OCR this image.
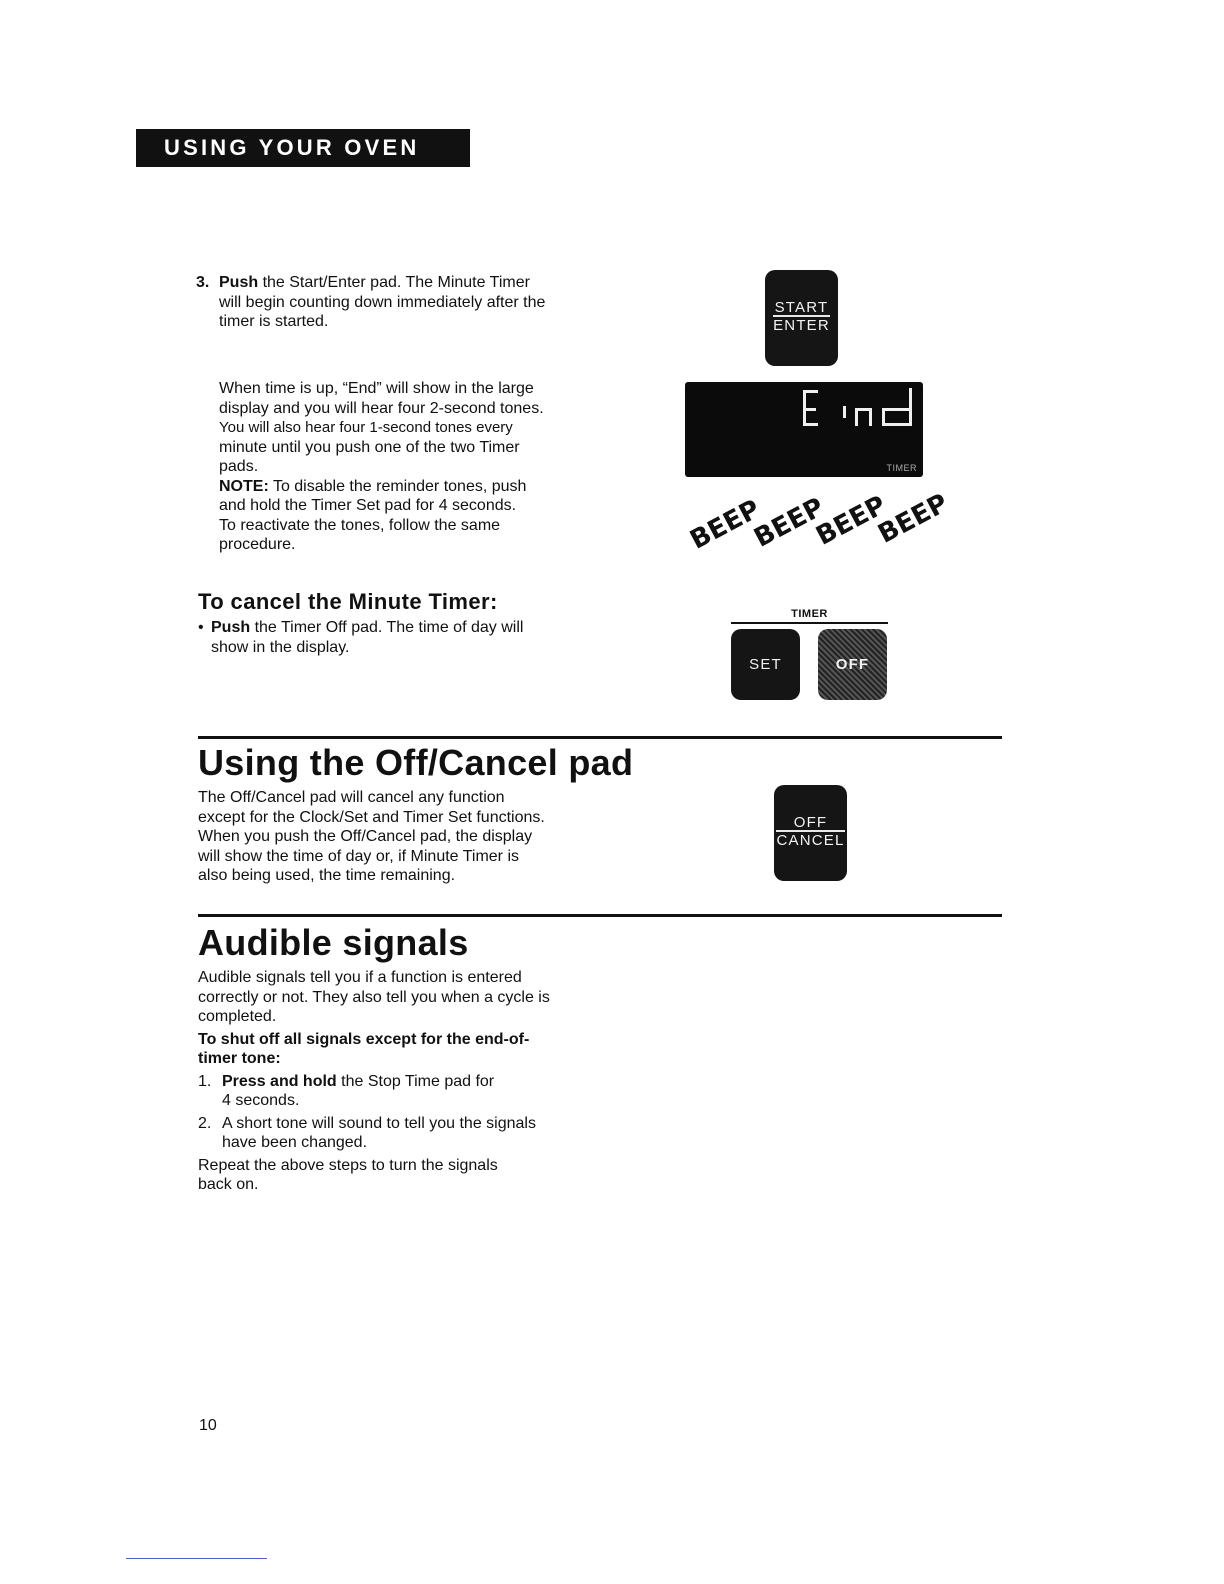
USING YOUR OVEN
3. Push the Start/Enter pad. The Minute Timer
will begin counting down immediately after the
timer is started.
When time is up, “End” will show in the large
display and you will hear four 2-second tones.
You will also hear four 1-second tones every
minute until you push one of the two Timer
pads.
NOTE: To disable the reminder tones, push
and hold the Timer Set pad for 4 seconds.
To reactivate the tones, follow the same
procedure.
To cancel the Minute Timer:
• Push the Timer Off pad. The time of day will
show in the display.
Using the Off/Cancel pad
The Off/Cancel pad will cancel any function
except for the Clock/Set and Timer Set functions.
When you push the Off/Cancel pad, the display
will show the time of day or, if Minute Timer is
also being used, the time remaining.
Audible signals
Audible signals tell you if a function is entered
correctly or not. They also tell you when a cycle is
completed.
To shut off all signals except for the end-of-
timer tone:
1. Press and hold the Stop Time pad for
4 seconds.
2. A short tone will sound to tell you the signals
have been changed.
Repeat the above steps to turn the signals
back on.
START
ENTER
TIMER
BEEP
BEEP
BEEP
BEEP
TIMER
SET	OFF
OFF
CANCEL
10
